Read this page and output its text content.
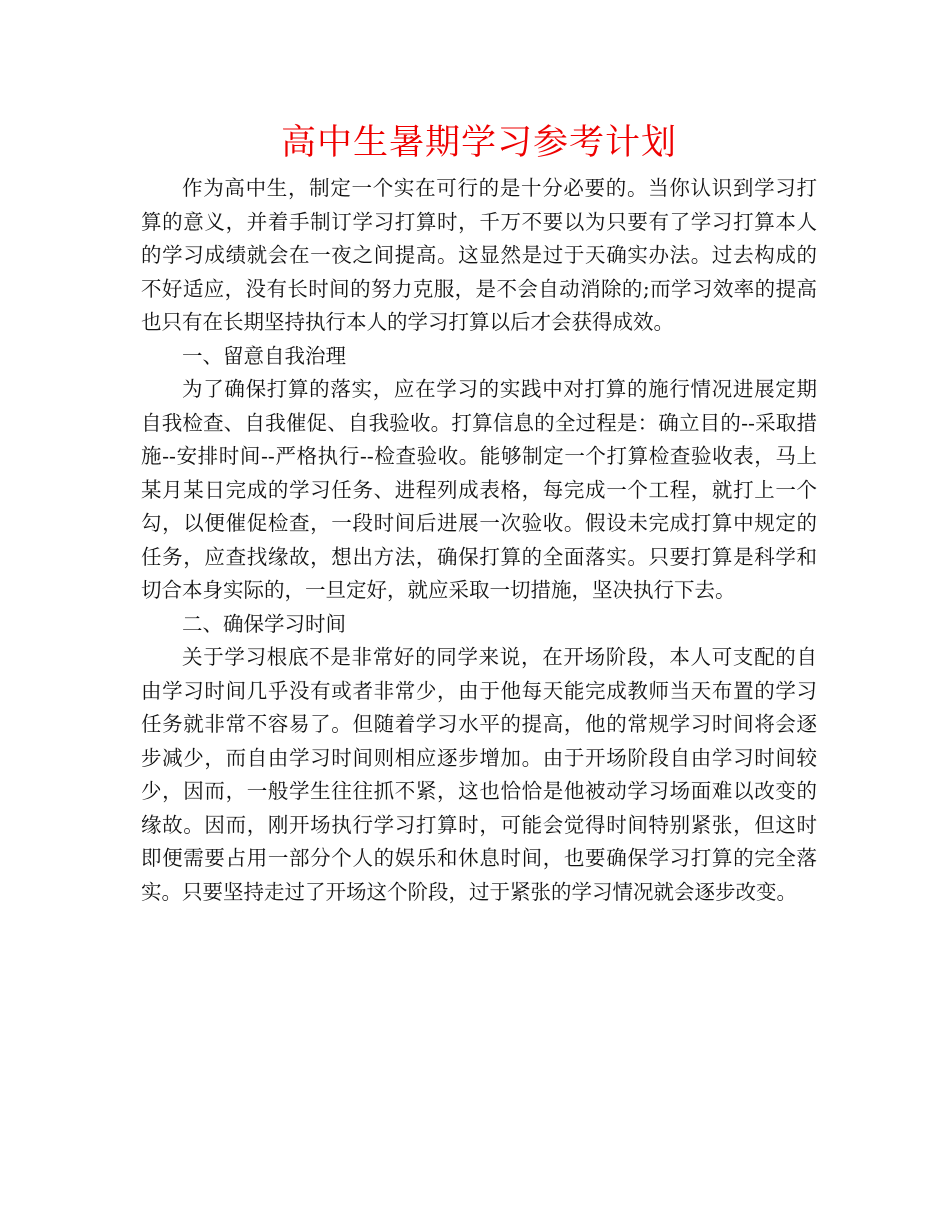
高中生暑期学习参考计划

作为高中生，制定一个实在可行的是十分必要的。当你认识到学习打算的意义，并着手制订学习打算时，千万不要以为只要有了学习打算本人的学习成绩就会在一夜之间提高。这显然是过于天确实办法。过去构成的不好适应，没有长时间的努力克服，是不会自动消除的;而学习效率的提高也只有在长期坚持执行本人的学习打算以后才会获得成效。

一、留意自我治理

为了确保打算的落实，应在学习的实践中对打算的施行情况进展定期自我检查、自我催促、自我验收。打算信息的全过程是：确立目的--采取措施--安排时间--严格执行--检查验收。能够制定一个打算检查验收表，马上某月某日完成的学习任务、进程列成表格，每完成一个工程，就打上一个勾，以便催促检查，一段时间后进展一次验收。假设未完成打算中规定的任务，应查找缘故，想出方法，确保打算的全面落实。只要打算是科学和切合本身实际的，一旦定好，就应采取一切措施，坚决执行下去。

二、确保学习时间

关于学习根底不是非常好的同学来说，在开场阶段，本人可支配的自由学习时间几乎没有或者非常少，由于他每天能完成教师当天布置的学习任务就非常不容易了。但随着学习水平的提高，他的常规学习时间将会逐步减少，而自由学习时间则相应逐步增加。由于开场阶段自由学习时间较少，因而，一般学生往往抓不紧，这也恰恰是他被动学习场面难以改变的缘故。因而，刚开场执行学习打算时，可能会觉得时间特别紧张，但这时即便需要占用一部分个人的娱乐和休息时间，也要确保学习打算的完全落实。只要坚持走过了开场这个阶段，过于紧张的学习情况就会逐步改变。
